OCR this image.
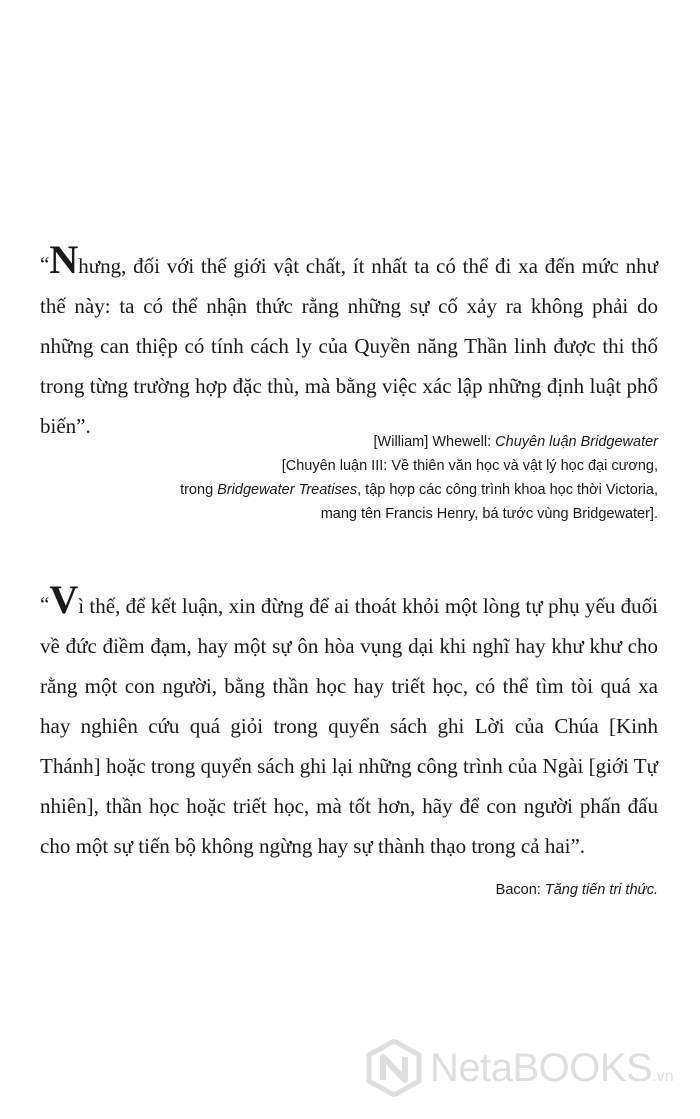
“Nhưng, đối với thế giới vật chất, ít nhất ta có thể đi xa đến mức như thế này: ta có thể nhận thức rằng những sự cố xảy ra không phải do những can thiệp có tính cách ly của Quyền năng Thần linh được thi thố trong từng trường hợp đặc thù, mà bằng việc xác lập những định luật phổ biến”.
[William] Whewell: Chuyên luận Bridgewater
[Chuyên luận III: Về thiên văn học và vật lý học đại cương,
trong Bridgewater Treatises, tập hợp các công trình khoa học thời Victoria,
mang tên Francis Henry, bá tước vùng Bridgewater].
“Vì thế, để kết luận, xin đừng để ai thoát khỏi một lòng tự phụ yếu đuối về đức điềm đạm, hay một sự ôn hòa vụng dại khi nghĩ hay khư khư cho rằng một con người, bằng thần học hay triết học, có thể tìm tòi quá xa hay nghiên cứu quá giỏi trong quyển sách ghi Lời của Chúa [Kinh Thánh] hoặc trong quyển sách ghi lại những công trình của Ngài [giới Tự nhiên], thần học hoặc triết học, mà tốt hơn, hãy để con người phấn đấu cho một sự tiến bộ không ngừng hay sự thành thạo trong cả hai”.
Bacon: Tăng tiến tri thức.
NetaBOOKS .vn
